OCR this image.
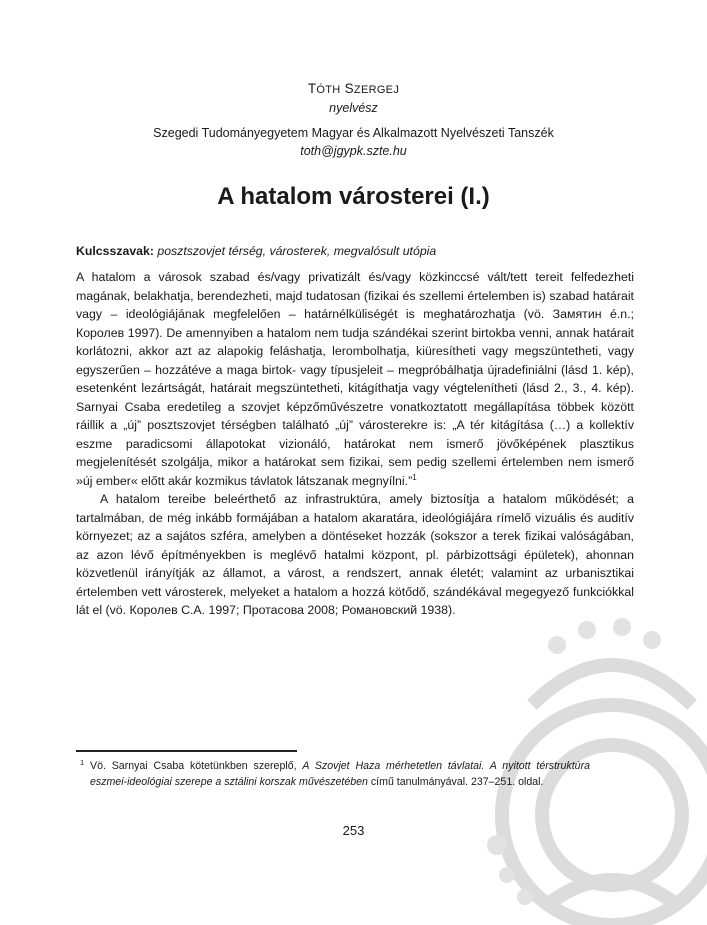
TÓTH SZERGEJ
nyelvész
Szegedi Tudományegyetem Magyar és Alkalmazott Nyelvészeti Tanszék
toth@jgypk.szte.hu
A hatalom városterei (I.)
Kulcsszavak: posztszovjet térség, városterek, megvalósult utópia

A hatalom a városok szabad és/vagy privatizált és/vagy közkinccsé vált/tett tereit felfedezheti magának, belakhatja, berendezheti, majd tudatosan (fizikai és szellemi értelemben is) szabad határait vagy – ideológiájának megfelelően – határnélküliségét is meghatározhatja (vö. Замятин é.n.; Королев 1997). De amennyiben a hatalom nem tudja szándékai szerint birtokba venni, annak határait korlátozni, akkor azt az alapokig feláshatja, lerombolhatja, kiüresítheti vagy megszüntetheti, vagy egyszerűen – hozzátéve a maga birtok- vagy típusjeleit – megpróbálhatja újradefiniálni (lásd 1. kép), esetenként lezártságát, határait megszüntetheti, kitágíthatja vagy végtelenítheti (lásd 2., 3., 4. kép). Sarnyai Csaba eredetileg a szovjet képzőművészetre vonatkoztatott megállapítása többek között ráillik a „új” posztszovjet térségben található „új” városterekre is: „A tér kitágítása (…) a kollektív eszme paradicsomi állapotokat vizionáló, határokat nem ismerő jövőképének plasztikus megjelenítését szolgálja, mikor a határokat sem fizikai, sem pedig szellemi értelemben nem ismerő »új ember« előtt akár kozmikus távlatok látszanak megnyílni.”$^1$

A hatalom tereibe beleérthető az infrastruktúra, amely biztosítja a hatalom működését; a tartalmában, de még inkább formájában a hatalom akaratára, ideológiájára rímelő vizuális és auditív környezet; az a sajátos szféra, amelyben a döntéseket hozzák (sokszor a terek fizikai valóságában, az azon lévő építményekben is meglévő hatalmi központ, pl. párbizottsági épületek), ahonnan közvetlenül irányítják az államot, a várost, a rendszert, annak életét; valamint az urbanisztikai értelemben vett városterek, melyeket a hatalom a hozzá kötődő, szándékával megegyező funkciókkal lát el (vö. Королев С.А. 1997; Протасова 2008; Романовский 1938).

1 Vö. Sarnyai Csaba kötetünkben szereplő, A Szovjet Haza mérhetetlen távlatai. A nyitott térstruktúra eszmei-ideológiai szerepe a sztálini korszak művészetében című tanulmányával. 237–251. oldal.
253
